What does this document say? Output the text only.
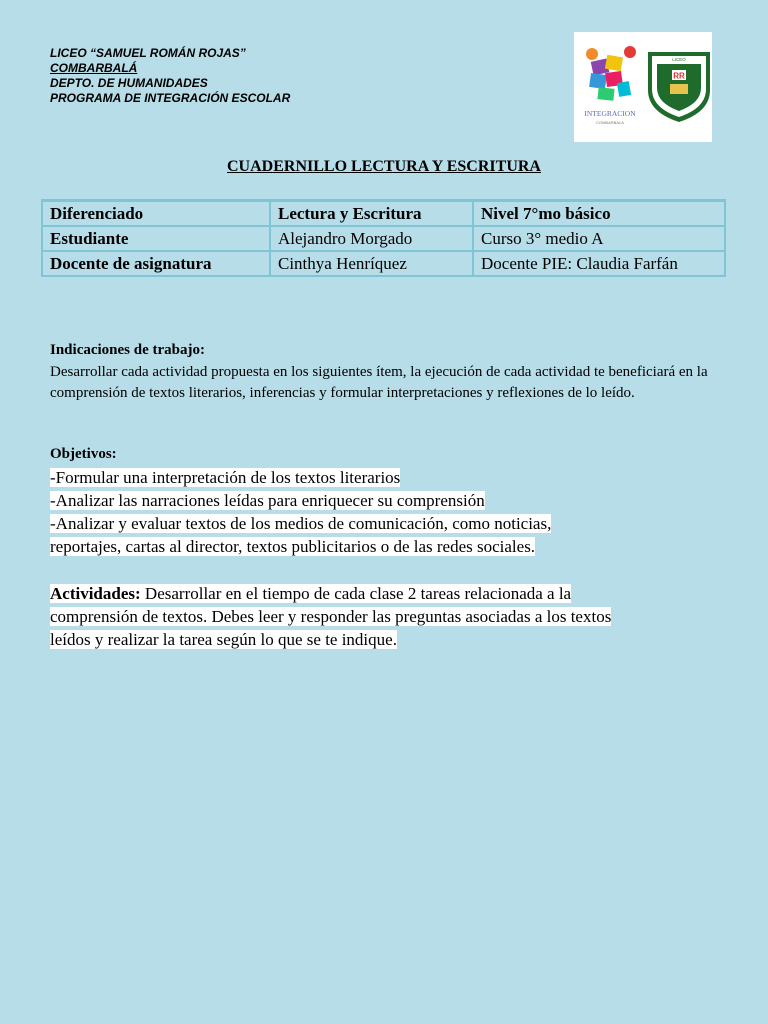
LICEO “SAMUEL ROMÁN ROJAS”
COMBARBALÁ
DEPTO. DE HUMANIDADES
PROGRAMA DE INTEGRACIÓN ESCOLAR
INTEGRACION
COMBARBALA
RR
LICEO
CUADERNILLO LECTURA Y ESCRITURA
Diferenciado	Lectura y Escritura	Nivel 7°mo básico
Estudiante	Alejandro Morgado	Curso 3° medio A
Docente de asignatura	Cinthya Henríquez	Docente PIE: Claudia Farfán
Indicaciones de trabajo:
Desarrollar cada actividad propuesta en los siguientes ítem, la ejecución de cada actividad te beneficiará en la comprensión de textos literarios, inferencias y formular interpretaciones y reflexiones de lo leído.
Objetivos:
-Formular una interpretación de los textos literarios
-Analizar las narraciones leídas para enriquecer su comprensión
-Analizar y evaluar textos de los medios de comunicación, como noticias,
reportajes, cartas al director, textos publicitarios o de las redes sociales.
Actividades: Desarrollar en el tiempo de cada clase 2 tareas relacionada a la
comprensión de textos. Debes leer y responder las preguntas asociadas a los textos
leídos y realizar la tarea según lo que se te indique.
